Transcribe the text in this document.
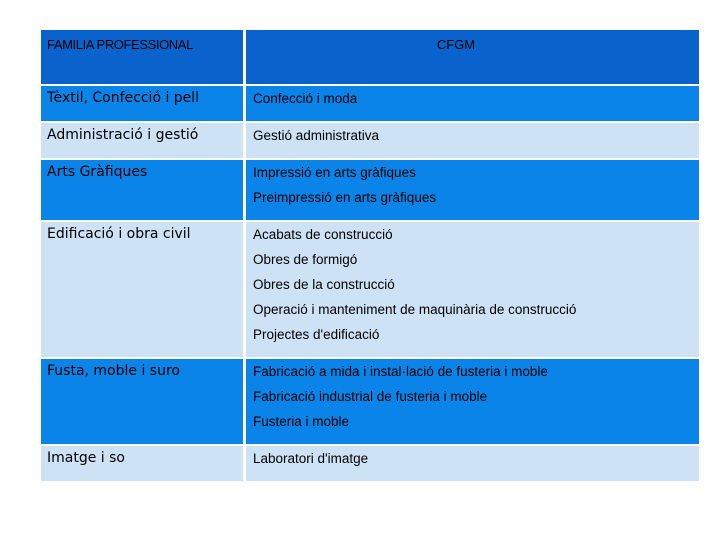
FAMILIA PROFESSIONAL	CFGM
Tèxtil, Confecció i pell	Confecció i moda
Administració i gestió	Gestió administrativa
Arts Gràfiques	Impressió en arts gràfiques
Preimpressió en arts gràfiques
Edificació i obra civil	Acabats de construcció
Obres de formigó
Obres de la construcció
Operació i manteniment de maquinària de construcció
Projectes d'edificació
Fusta, moble i suro	Fabricació a mida i instal·lació de fusteria i moble
Fabricació industrial de fusteria i moble
Fusteria i moble
Imatge i so	Laboratori d'imatge
